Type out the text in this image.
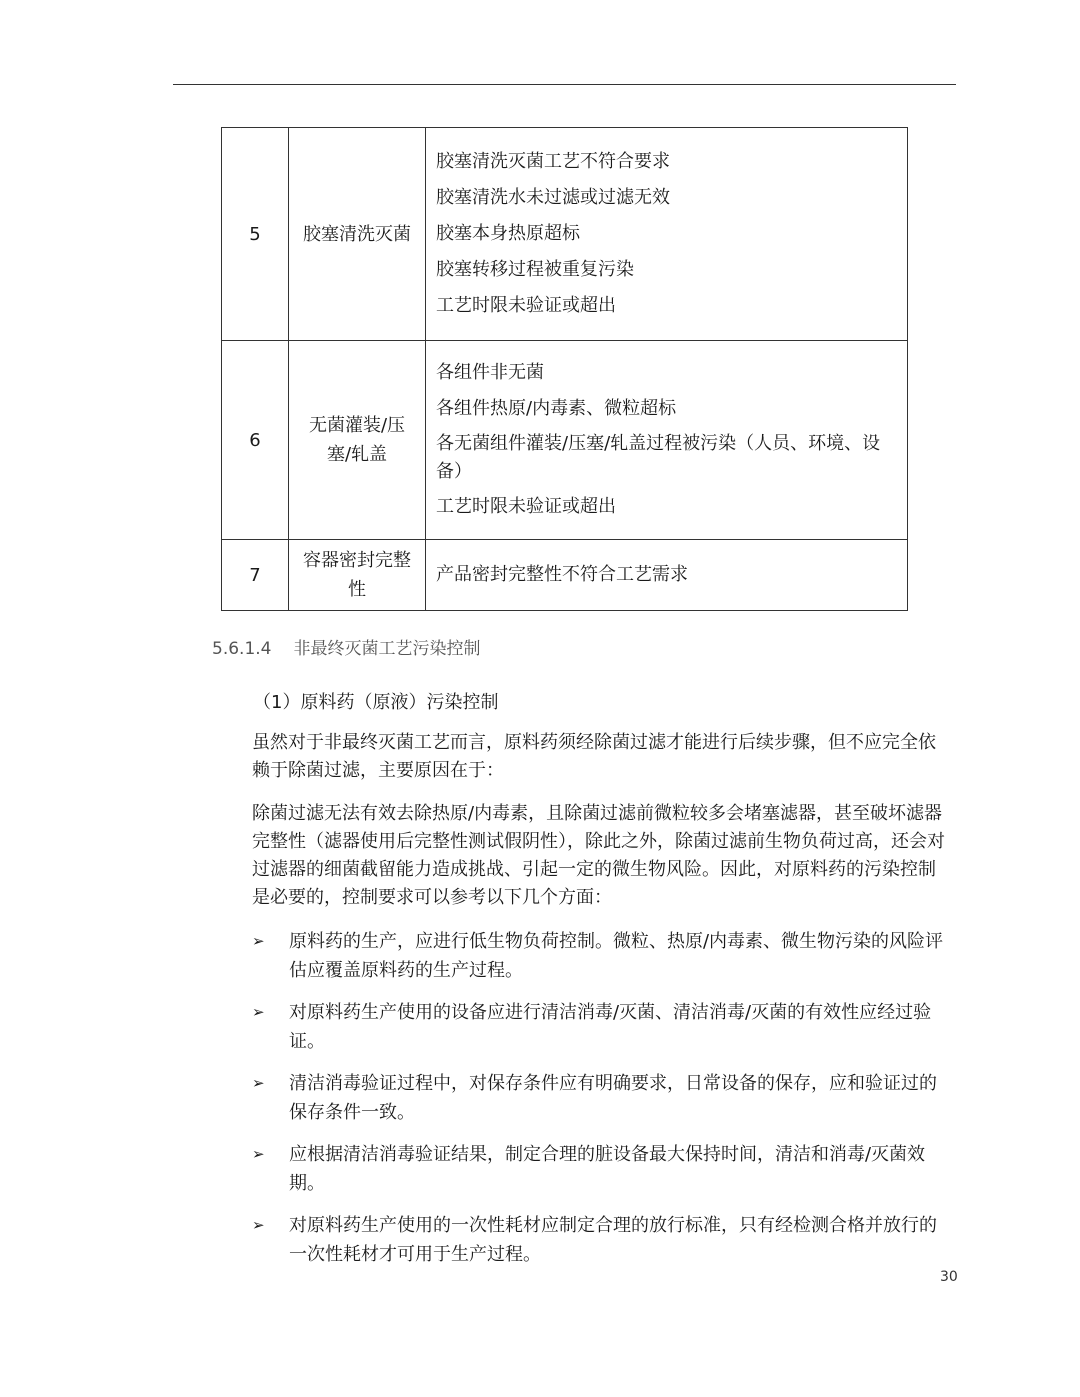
5	胶塞清洗灭菌	胶塞清洗灭菌工艺不符合要求
胶塞清洗水未过滤或过滤无效
胶塞本身热原超标
胶塞转移过程被重复污染
工艺时限未验证或超出

6	无菌灌装/压塞/轧盖	各组件非无菌
各组件热原/内毒素、微粒超标
各无菌组件灌装/压塞/轧盖过程被污染（人员、环境、设备）
工艺时限未验证或超出

7	容器密封完整性	产品密封完整性不符合工艺需求
5.6.1.4 非最终灭菌工艺污染控制
（1）原料药（原液）污染控制
虽然对于非最终灭菌工艺而言，原料药须经除菌过滤才能进行后续步骤，但不应完全依赖于除菌过滤，主要原因在于：
除菌过滤无法有效去除热原/内毒素，且除菌过滤前微粒较多会堵塞滤器，甚至破坏滤器完整性（滤器使用后完整性测试假阴性），除此之外，除菌过滤前生物负荷过高，还会对过滤器的细菌截留能力造成挑战、引起一定的微生物风险。因此，对原料药的污染控制是必要的，控制要求可以参考以下几个方面：
➢ 原料药的生产，应进行低生物负荷控制。微粒、热原/内毒素、微生物污染的风险评估应覆盖原料药的生产过程。
➢ 对原料药生产使用的设备应进行清洁消毒/灭菌、清洁消毒/灭菌的有效性应经过验证。
➢ 清洁消毒验证过程中，对保存条件应有明确要求，日常设备的保存，应和验证过的保存条件一致。
➢ 应根据清洁消毒验证结果，制定合理的脏设备最大保持时间，清洁和消毒/灭菌效期。
➢ 对原料药生产使用的一次性耗材应制定合理的放行标准，只有经检测合格并放行的一次性耗材才可用于生产过程。
30
